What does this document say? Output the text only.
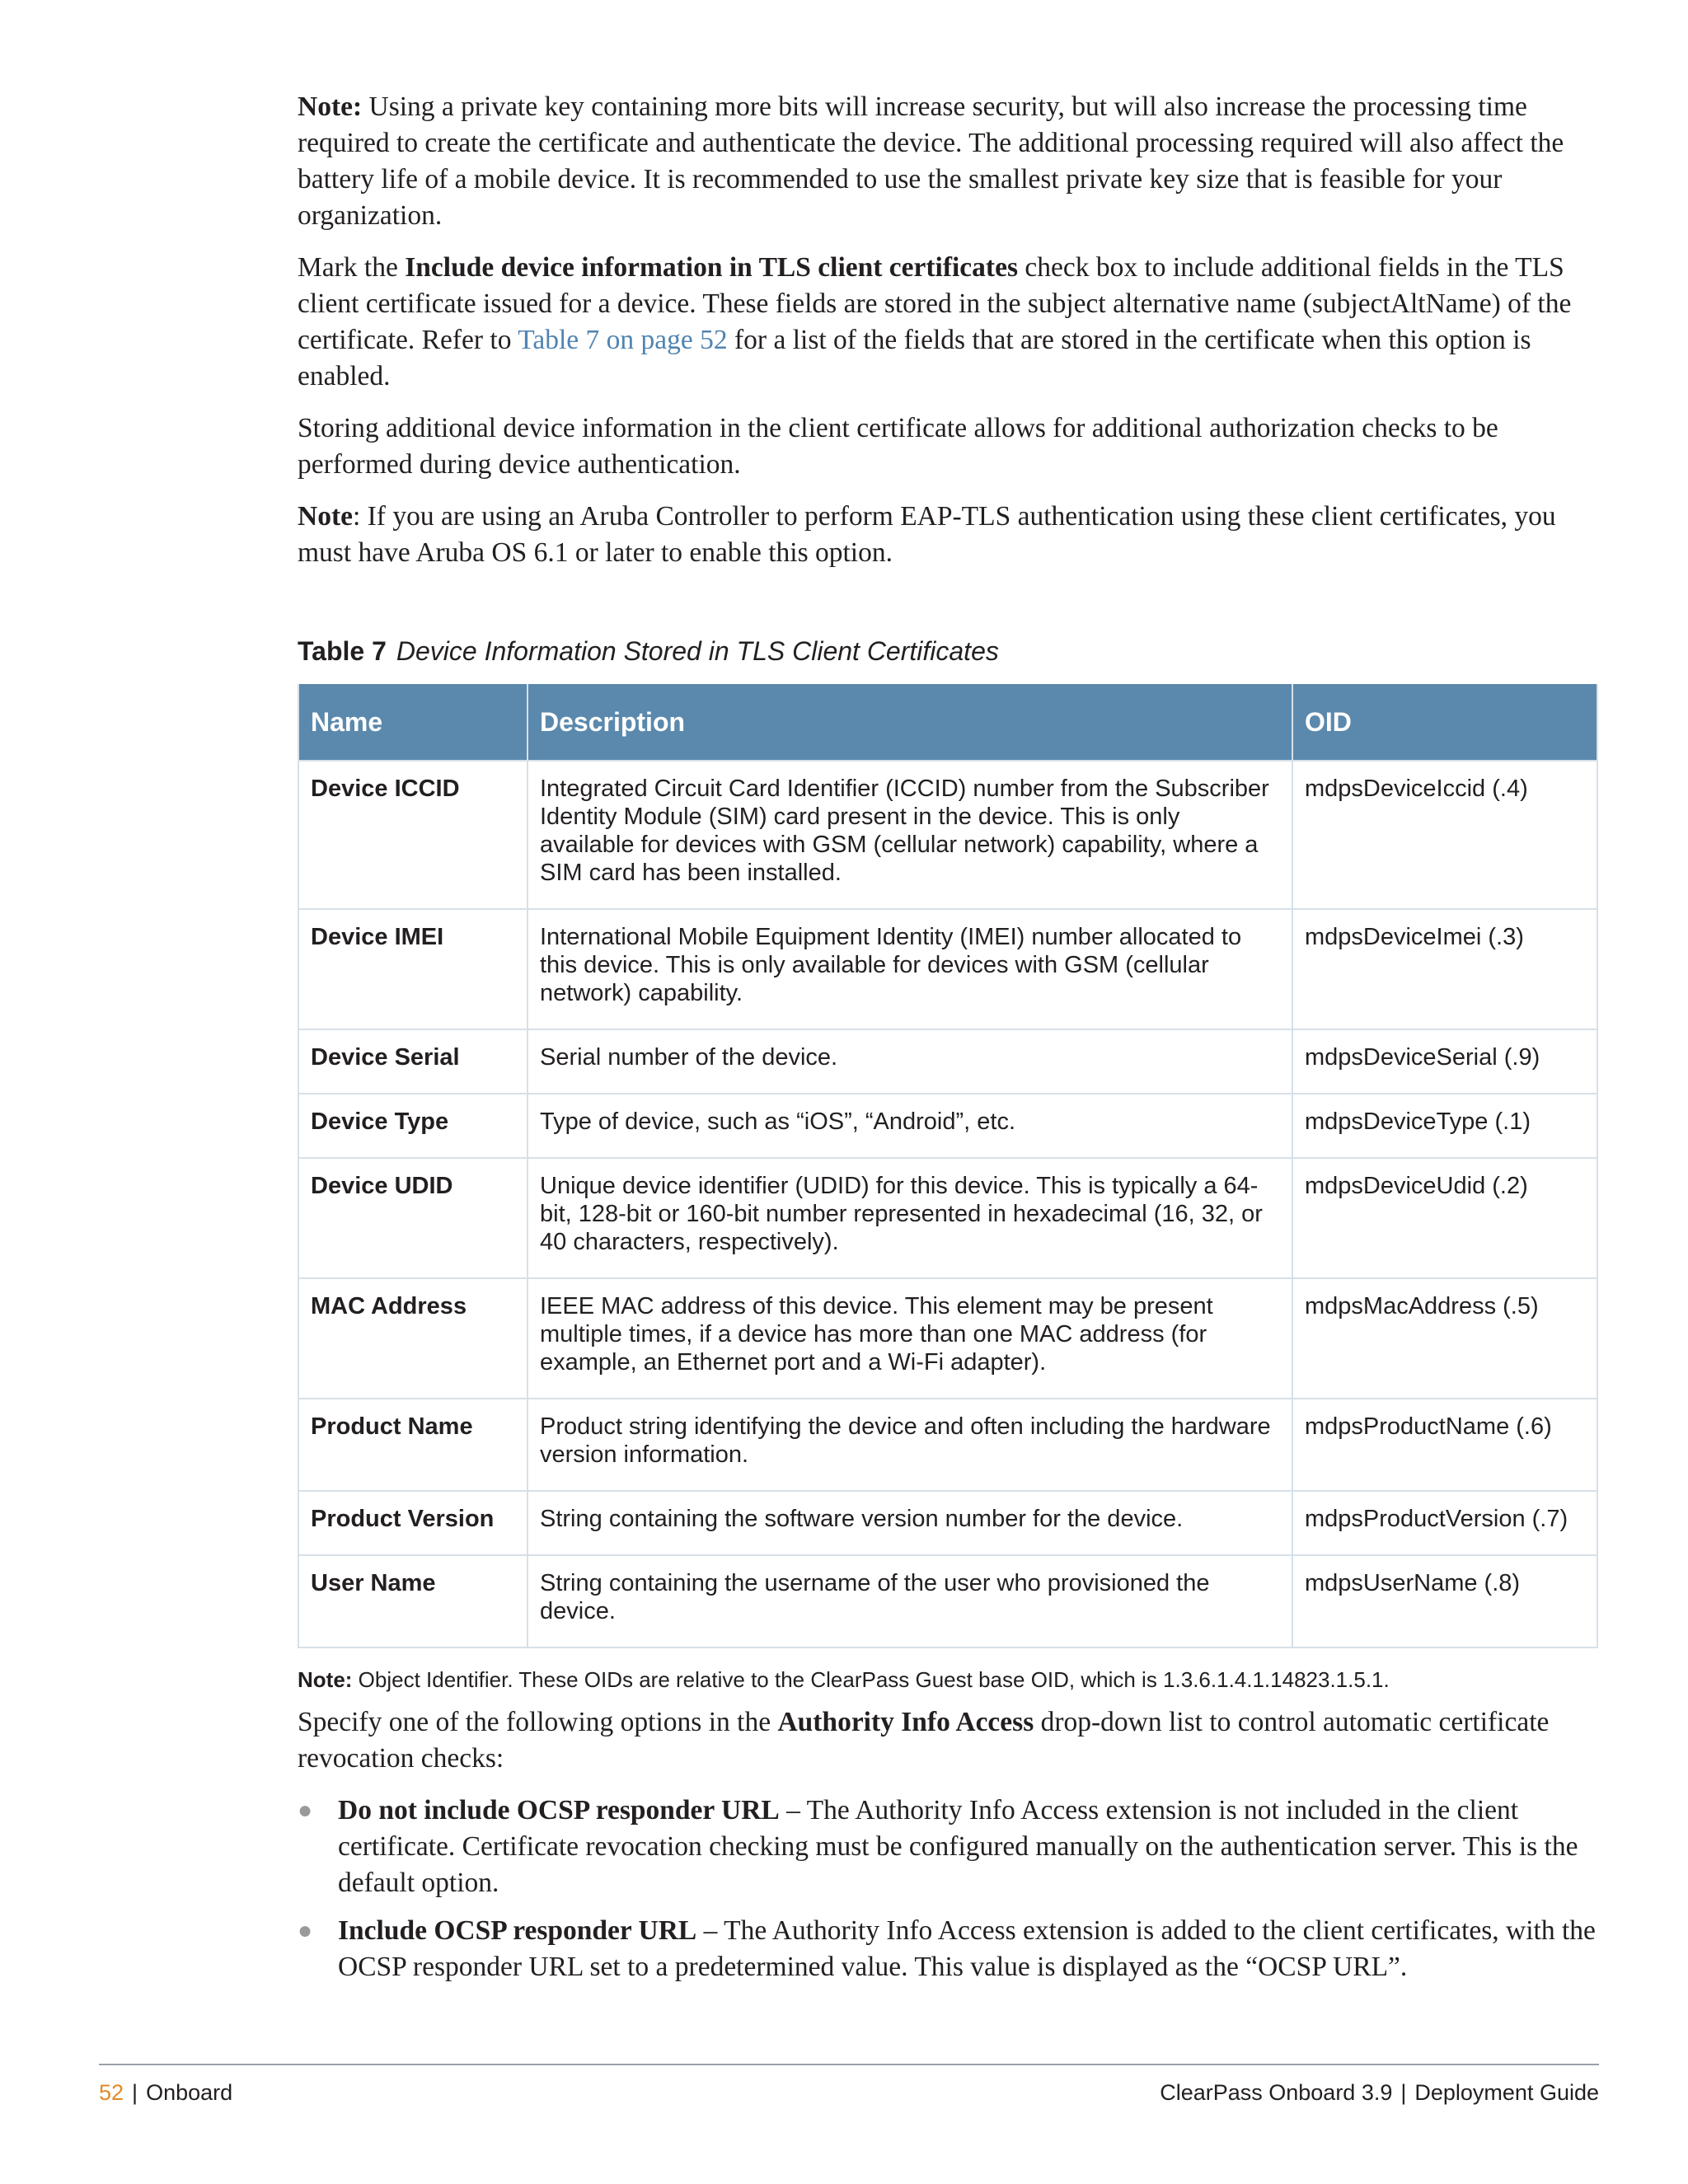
Note: Using a private key containing more bits will increase security, but will also increase the processing time required to create the certificate and authenticate the device. The additional processing required will also affect the battery life of a mobile device. It is recommended to use the smallest private key size that is feasible for your organization.

Mark the Include device information in TLS client certificates check box to include additional fields in the TLS client certificate issued for a device. These fields are stored in the subject alternative name (subjectAltName) of the certificate. Refer to Table 7 on page 52 for a list of the fields that are stored in the certificate when this option is enabled.

Storing additional device information in the client certificate allows for additional authorization checks to be performed during device authentication.

Note: If you are using an Aruba Controller to perform EAP-TLS authentication using these client certificates, you must have Aruba OS 6.1 or later to enable this option.

Table 7 Device Information Stored in TLS Client Certificates

Name	Description	OID
Device ICCID	Integrated Circuit Card Identifier (ICCID) number from the Subscriber Identity Module (SIM) card present in the device. This is only available for devices with GSM (cellular network) capability, where a SIM card has been installed.	mdpsDeviceIccid (.4)
Device IMEI	International Mobile Equipment Identity (IMEI) number allocated to this device. This is only available for devices with GSM (cellular network) capability.	mdpsDeviceImei (.3)
Device Serial	Serial number of the device.	mdpsDeviceSerial (.9)
Device Type	Type of device, such as “iOS”, “Android”, etc.	mdpsDeviceType (.1)
Device UDID	Unique device identifier (UDID) for this device. This is typically a 64-bit, 128-bit or 160-bit number represented in hexadecimal (16, 32, or 40 characters, respectively).	mdpsDeviceUdid (.2)
MAC Address	IEEE MAC address of this device. This element may be present multiple times, if a device has more than one MAC address (for example, an Ethernet port and a Wi-Fi adapter).	mdpsMacAddress (.5)
Product Name	Product string identifying the device and often including the hardware version information.	mdpsProductName (.6)
Product Version	String containing the software version number for the device.	mdpsProductVersion (.7)
User Name	String containing the username of the user who provisioned the device.	mdpsUserName (.8)

Note: Object Identifier. These OIDs are relative to the ClearPass Guest base OID, which is 1.3.6.1.4.1.14823.1.5.1.

Specify one of the following options in the Authority Info Access drop-down list to control automatic certificate revocation checks:

● Do not include OCSP responder URL – The Authority Info Access extension is not included in the client certificate. Certificate revocation checking must be configured manually on the authentication server. This is the default option.
● Include OCSP responder URL – The Authority Info Access extension is added to the client certificates, with the OCSP responder URL set to a predetermined value. This value is displayed as the “OCSP URL”.
52 | Onboard	ClearPass Onboard 3.9 | Deployment Guide
